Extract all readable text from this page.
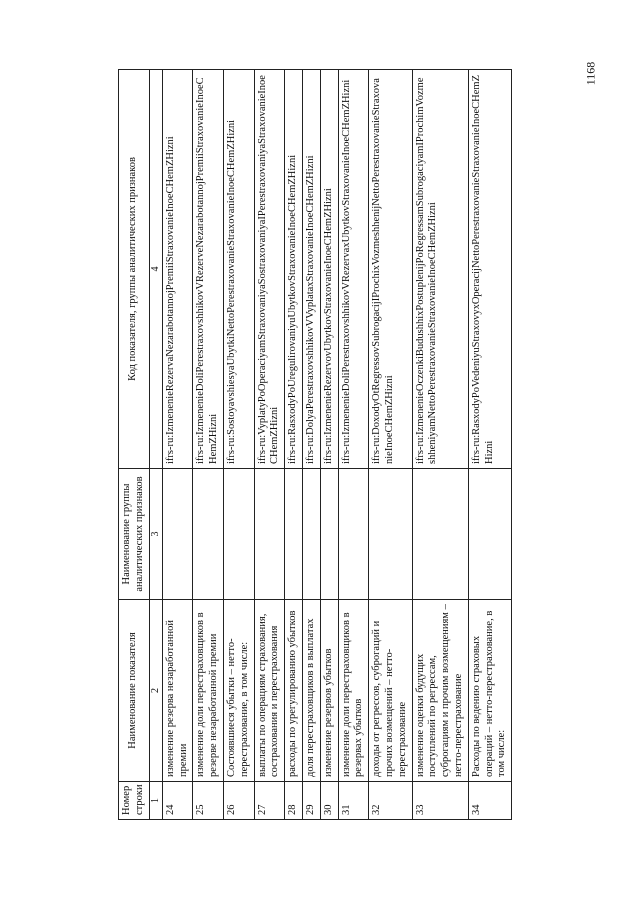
1168
Номер строки	Наименование показателя	Наименование группы аналитических признаков	Код показателя, группы аналитических признаков
1	2	3	4
24	изменение резерва незаработанной премии		ifrs-ru:IzmenenieRezervaNezarabotannojPremiiStraxovanieInoeCHemZHizni
25	изменение доли перестраховщиков в резерве незаработанной премии		ifrs-ru:IzmenenieDoliPerestraxovshhikovVRezerveNezarabotannojPremiiStraxovanieInoeCHemZHizni
26	Состоявшиеся убытки – нетто-перестрахование, в том числе:		ifrs-ru:SostoyavshiesyaUbytkiNettoPerestraxovanieStraxovanieInoeCHemZHizni
27	выплаты по операциям страхования, сострахования и перестрахования		ifrs-ru:VyplatyPoOperaciyamStraxovaniyaSostraxovaniyaIPerestraxovaniyaStraxovanieInoeCHemZHizni
28	расходы по урегулированию убытков		ifrs-ru:RasxodyPoUregulirovaniyuUbytkovStraxovanieInoeCHemZHizni
29	доля перестраховщиков в выплатах		ifrs-ru:DolyaPerestraxovshhikovVVyplataxStraxovanieInoeCHemZHizni
30	изменение резервов убытков		ifrs-ru:IzmenenieRezervovUbytkovStraxovanieInoeCHemZHizni
31	изменение доли перестраховщиков в резервах убытков		ifrs-ru:IzmenenieDoliPerestraxovshhikovVRezervaxUbytkovStraxovanieInoeCHemZHizni
32	доходы от регрессов, суброгаций и прочих возмещений – нетто-перестрахование		ifrs-ru:DoxodyOtRegressovSubrogacijIProchixVozmeshhenijNettoPerestraxovanieStraxovanieInoeCHemZHizni
33	изменение оценки будущих поступлений по регрессам, суброгациям и прочим возмещениям – нетто-перестрахование		ifrs-ru:IzmenenieOczenkiBudushhixPostuplenijPoRegressamSubrogaciyamIProchimVozmeshheniyamNettoPerestraxovanieStraxovanieInoeCHemZHizni
34	Расходы по ведению страховых операций – нетто-перестрахование, в том числе:		ifrs-ru:RasxodyPoVedeniyuStraxovyxOperacijNettoPerestraxovanieStraxovanieInoeCHemZHizni
